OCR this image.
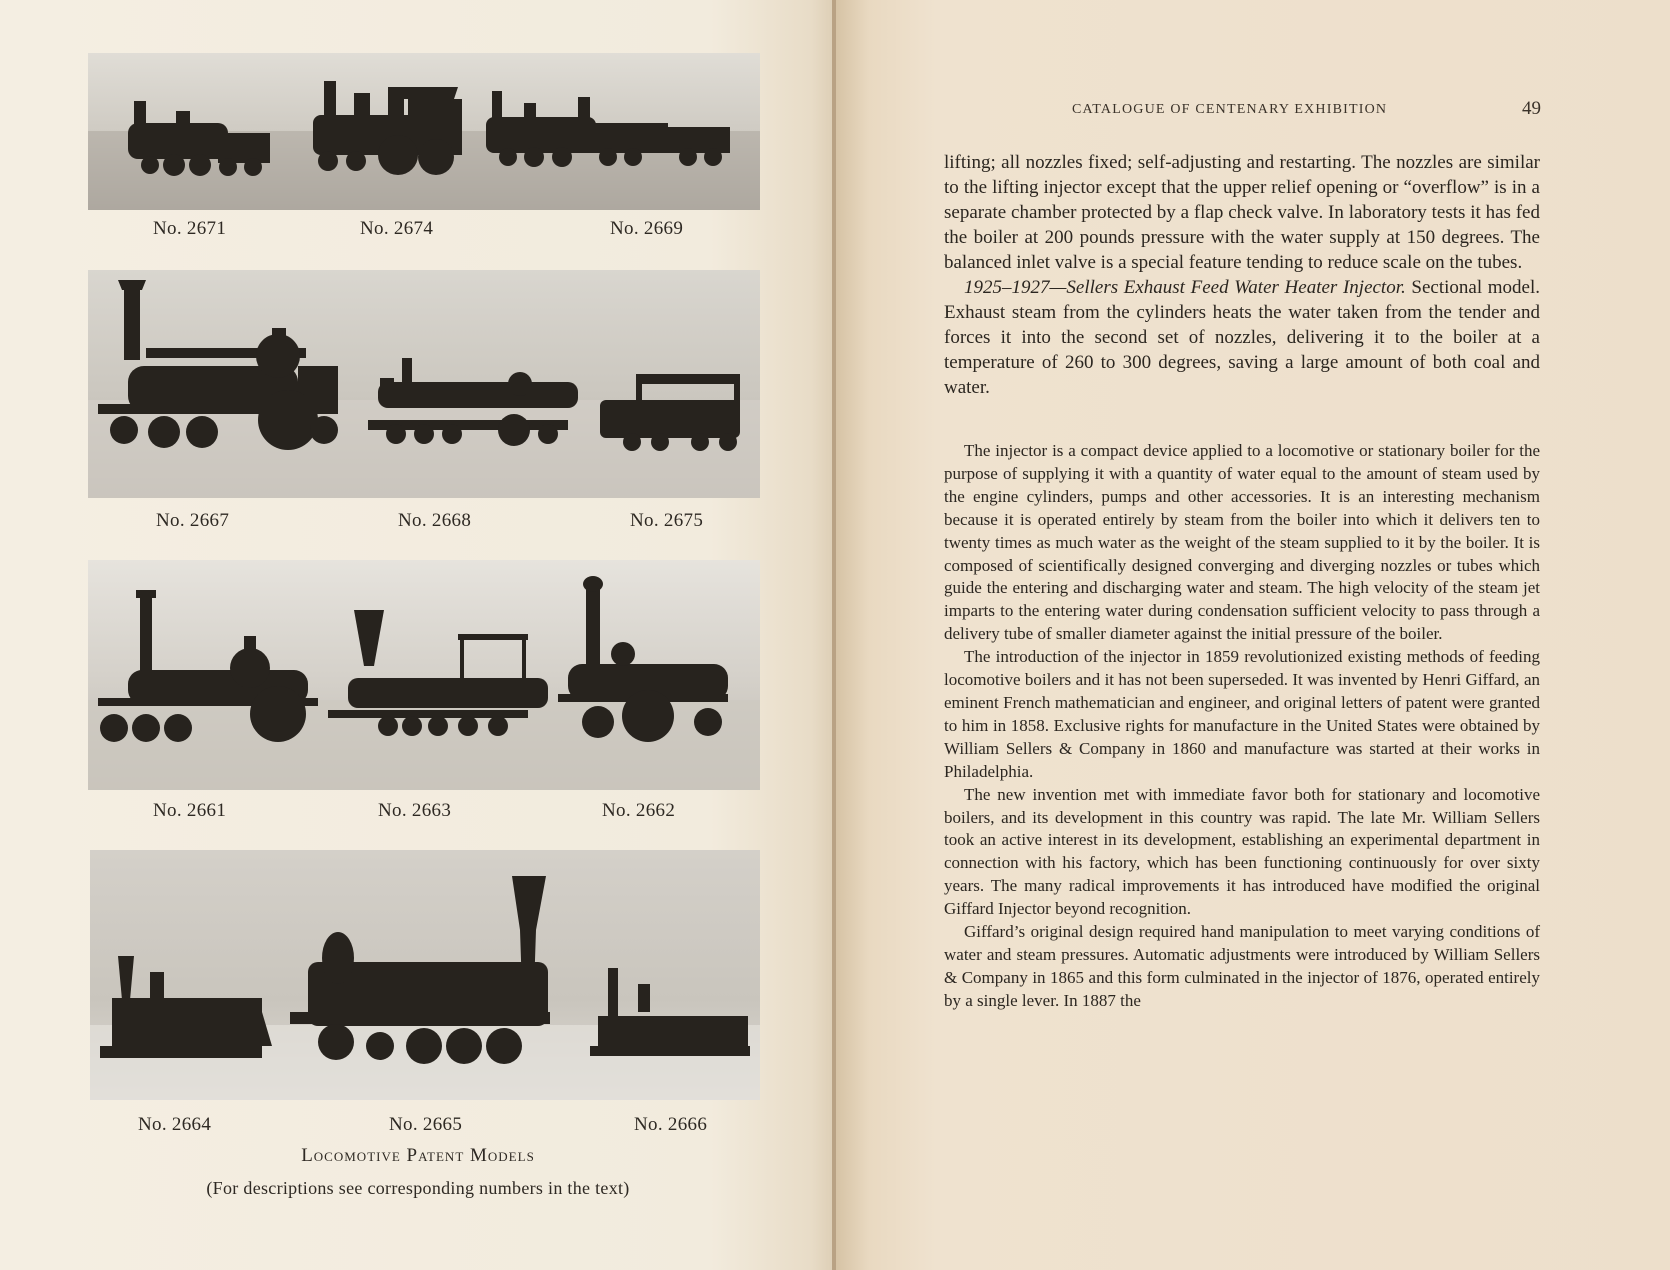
No. 2671	No. 2674	No. 2669
No. 2667	No. 2668	No. 2675
No. 2661	No. 2663	No. 2662
No. 2664	No. 2665	No. 2666
Locomotive Patent Models
(For descriptions see corresponding numbers in the text)
CATALOGUE OF CENTENARY EXHIBITION	49

lifting; all nozzles fixed; self-adjusting and restarting. The nozzles are similar to the lifting injector except that the upper relief opening or “overflow” is in a separate chamber protected by a flap check valve. In laboratory tests it has fed the boiler at 200 pounds pressure with the water supply at 150 degrees. The balanced inlet valve is a special feature tending to reduce scale on the tubes.

1925–1927—Sellers Exhaust Feed Water Heater Injector. Sectional model. Exhaust steam from the cylinders heats the water taken from the tender and forces it into the second set of nozzles, delivering it to the boiler at a temperature of 260 to 300 degrees, saving a large amount of both coal and water.

The injector is a compact device applied to a locomotive or stationary boiler for the purpose of supplying it with a quantity of water equal to the amount of steam used by the engine cylinders, pumps and other accessories. It is an interesting mechanism because it is operated entirely by steam from the boiler into which it delivers ten to twenty times as much water as the weight of the steam supplied to it by the boiler. It is composed of scientifically designed converging and diverging nozzles or tubes which guide the entering and discharging water and steam. The high velocity of the steam jet imparts to the entering water during condensation sufficient velocity to pass through a delivery tube of smaller diameter against the initial pressure of the boiler.

The introduction of the injector in 1859 revolutionized existing methods of feeding locomotive boilers and it has not been superseded. It was invented by Henri Giffard, an eminent French mathematician and engineer, and original letters of patent were granted to him in 1858. Exclusive rights for manufacture in the United States were obtained by William Sellers & Company in 1860 and manufacture was started at their works in Philadelphia.

The new invention met with immediate favor both for stationary and locomotive boilers, and its development in this country was rapid. The late Mr. William Sellers took an active interest in its development, establishing an experimental department in connection with his factory, which has been functioning continuously for over sixty years. The many radical improvements it has introduced have modified the original Giffard Injector beyond recognition.

Giffard’s original design required hand manipulation to meet varying conditions of water and steam pressures. Automatic adjustments were introduced by William Sellers & Company in 1865 and this form culminated in the injector of 1876, operated entirely by a single lever. In 1887 the
